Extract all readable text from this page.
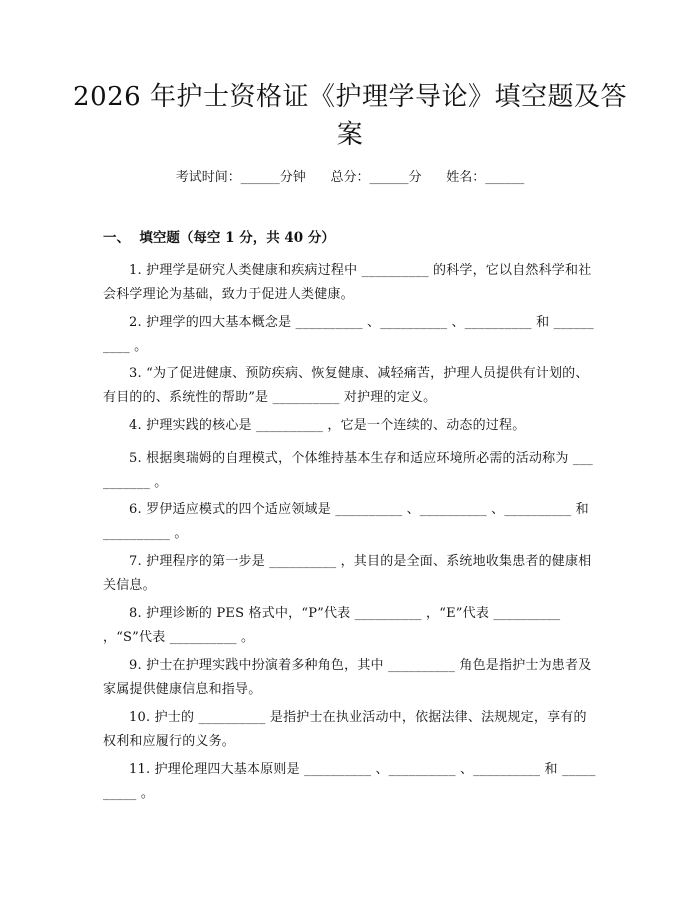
2026 年护士资格证《护理学导论》填空题及答案

考试时间：______分钟      总分：______分      姓名：______

一、  填空题（每空 1 分，共 40 分）

1. 护理学是研究人类健康和疾病过程中 __________ 的科学，它以自然科学和社会科学理论为基础，致力于促进人类健康。

2. 护理学的四大基本概念是 __________ 、__________ 、__________ 和 __________ 。

3. “为了促进健康、预防疾病、恢复健康、减轻痛苦，护理人员提供有计划的、有目的的、系统性的帮助”是 __________ 对护理的定义。

4. 护理实践的核心是 __________ ，它是一个连续的、动态的过程。

5. 根据奥瑞姆的自理模式，个体维持基本生存和适应环境所必需的活动称为 __________ 。

6. 罗伊适应模式的四个适应领域是 __________ 、__________ 、__________ 和 __________ 。

7. 护理程序的第一步是 __________ ，其目的是全面、系统地收集患者的健康相关信息。

8. 护理诊断的 PES 格式中，“P”代表 __________ ，“E”代表 __________ ，“S”代表 __________ 。

9. 护士在护理实践中扮演着多种角色，其中 __________ 角色是指护士为患者及家属提供健康信息和指导。

10. 护士的 __________ 是指护士在执业活动中，依据法律、法规规定，享有的权利和应履行的义务。

11. 护理伦理四大基本原则是 __________ 、__________ 、__________ 和 __________ 。
